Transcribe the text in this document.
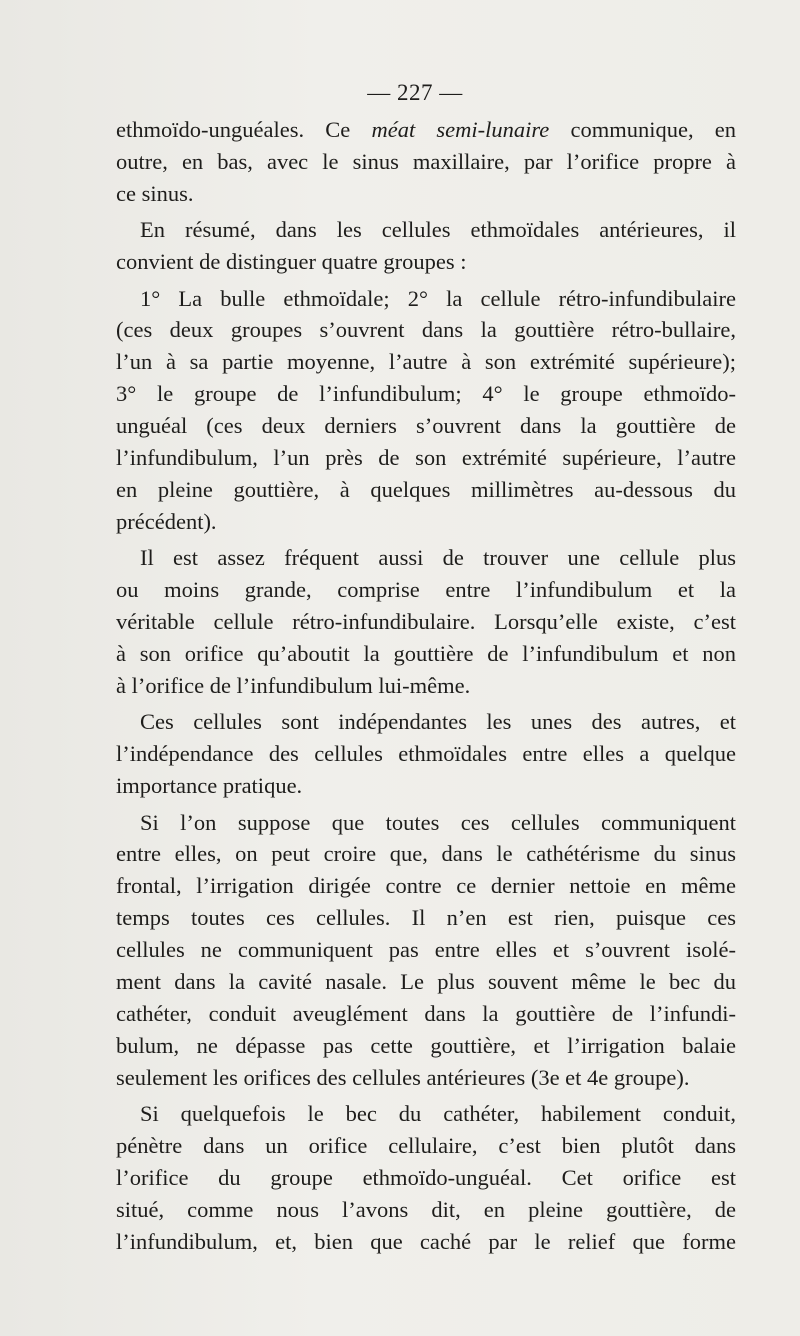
— 227 —

ethmoïdo-unguéales. Ce méat semi-lunaire communique, en
outre, en bas, avec le sinus maxillaire, par l’orifice propre à
ce sinus.

En résumé, dans les cellules ethmoïdales antérieures, il
convient de distinguer quatre groupes :

1° La bulle ethmoïdale; 2° la cellule rétro-infundibulaire
(ces deux groupes s’ouvrent dans la gouttière rétro-bullaire,
l’un à sa partie moyenne, l’autre à son extrémité supérieure);
3° le groupe de l’infundibulum; 4° le groupe ethmoïdo-
unguéal (ces deux derniers s’ouvrent dans la gouttière de
l’infundibulum, l’un près de son extrémité supérieure, l’autre
en pleine gouttière, à quelques millimètres au-dessous du
précédent).

Il est assez fréquent aussi de trouver une cellule plus
ou moins grande, comprise entre l’infundibulum et la
véritable cellule rétro-infundibulaire. Lorsqu’elle existe, c’est
à son orifice qu’aboutit la gouttière de l’infundibulum et non
à l’orifice de l’infundibulum lui-même.

Ces cellules sont indépendantes les unes des autres, et
l’indépendance des cellules ethmoïdales entre elles a quelque
importance pratique.

Si l’on suppose que toutes ces cellules communiquent
entre elles, on peut croire que, dans le cathétérisme du sinus
frontal, l’irrigation dirigée contre ce dernier nettoie en même
temps toutes ces cellules. Il n’en est rien, puisque ces
cellules ne communiquent pas entre elles et s’ouvrent isolé-
ment dans la cavité nasale. Le plus souvent même le bec du
cathéter, conduit aveuglément dans la gouttière de l’infundi-
bulum, ne dépasse pas cette gouttière, et l’irrigation balaie
seulement les orifices des cellules antérieures (3e et 4e groupe).

Si quelquefois le bec du cathéter, habilement conduit,
pénètre dans un orifice cellulaire, c’est bien plutôt dans
l’orifice du groupe ethmoïdo-unguéal. Cet orifice est
situé, comme nous l’avons dit, en pleine gouttière, de
l’infundibulum, et, bien que caché par le relief que forme
